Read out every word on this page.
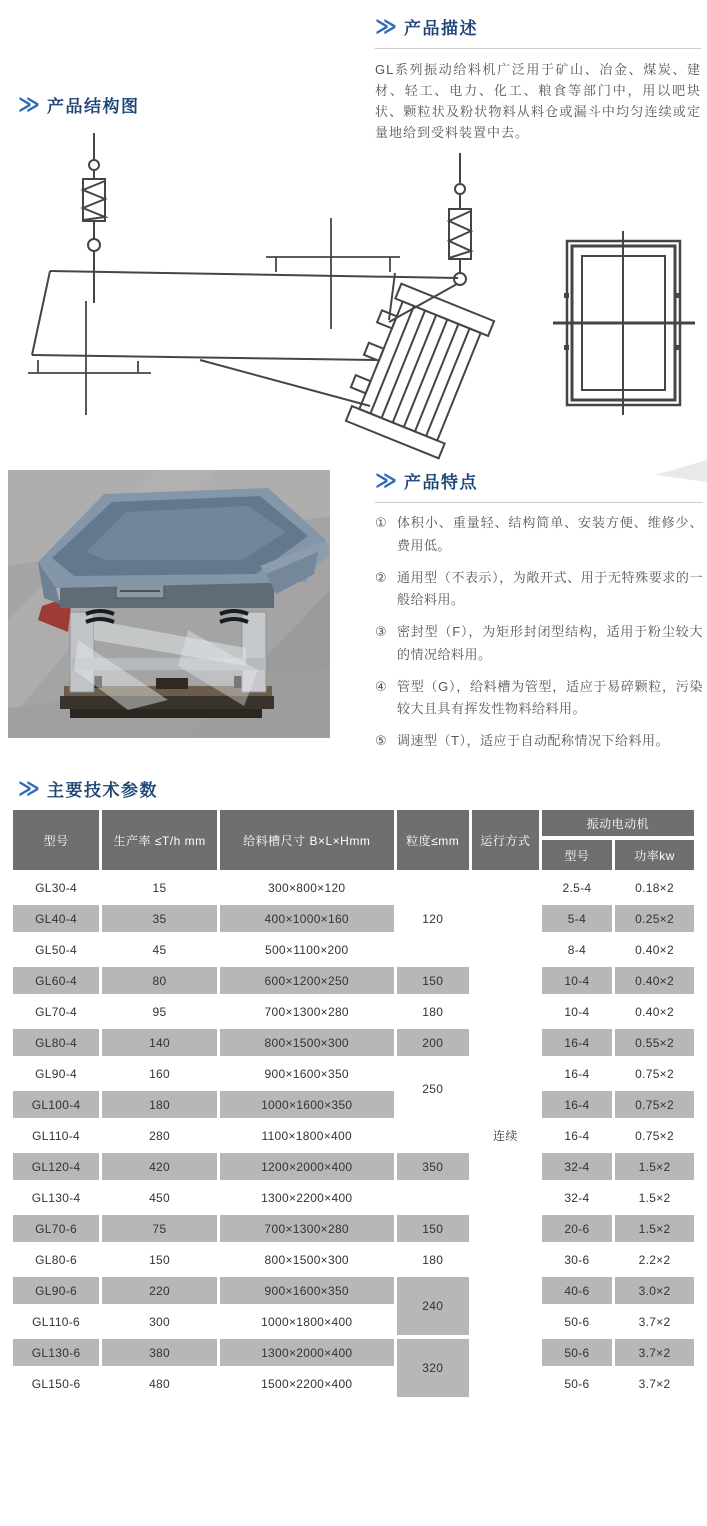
≫ 产品结构图
≫ 产品描述

GL系列振动给料机广泛用于矿山、冶金、煤炭、建材、轻工、电力、化工、粮食等部门中，用以吧块状、颗粒状及粉状物料从料仓或漏斗中均匀连续或定量地给到受料装置中去。

≫ 产品特点
① 体积小、重量轻、结构简单、安装方便、维修少、费用低。
② 通用型（不表示），为敞开式、用于无特殊要求的一般给料用。
③ 密封型（F），为矩形封闭型结构，适用于粉尘较大的情况给料用。
④ 管型（G），给料槽为管型，适应于易碎颗粒，污染较大且具有挥发性物料给料用。
⑤ 调速型（T），适应于自动配称情况下给料用。
≫ 主要技术参数
型号	生产率 ≤T/h mm	给料槽尺寸 B×L×Hmm	粒度≤mm	运行方式	振动电动机	
					型号	功率kw
GL30-4	15	300×800×120	120	连续	2.5-4	0.18×2
GL40-4	35	400×1000×160			5-4	0.25×2
GL50-4	45	500×1100×200			8-4	0.40×2
GL60-4	80	600×1200×250	150		10-4	0.40×2
GL70-4	95	700×1300×280	180		10-4	0.40×2
GL80-4	140	800×1500×300	200		16-4	0.55×2
GL90-4	160	900×1600×350	250		16-4	0.75×2
GL100-4	180	1000×1600×350			16-4	0.75×2
GL110-4	280	1100×1800×400			16-4	0.75×2
GL120-4	420	1200×2000×400	350		32-4	1.5×2
GL130-4	450	1300×2200×400			32-4	1.5×2
GL70-6	75	700×1300×280	150		20-6	1.5×2
GL80-6	150	800×1500×300	180		30-6	2.2×2
GL90-6	220	900×1600×350	240		40-6	3.0×2
GL110-6	300	1000×1800×400			50-6	3.7×2
GL130-6	380	1300×2000×400	320		50-6	3.7×2
GL150-6	480	1500×2200×400			50-6	3.7×2
